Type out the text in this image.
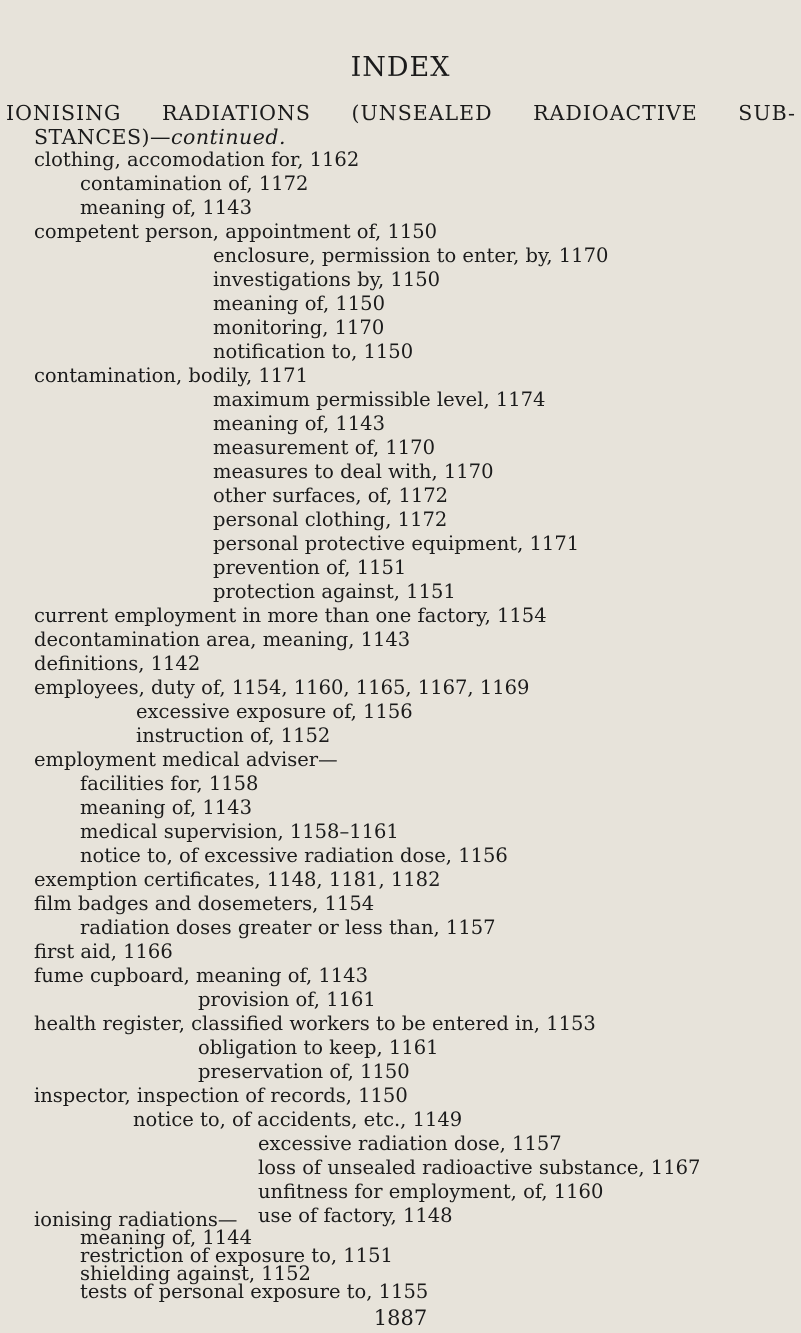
INDEX
IONISING RADIATIONS (UNSEALED RADIOACTIVE SUB-
STANCES)—continued.
clothing, accomodation for, 1162
contamination of, 1172
meaning of, 1143
competent person, appointment of, 1150
enclosure, permission to enter, by, 1170
investigations by, 1150
meaning of, 1150
monitoring, 1170
notification to, 1150
contamination, bodily, 1171
maximum permissible level, 1174
meaning of, 1143
measurement of, 1170
measures to deal with, 1170
other surfaces, of, 1172
personal clothing, 1172
personal protective equipment, 1171
prevention of, 1151
protection against, 1151
current employment in more than one factory, 1154
decontamination area, meaning, 1143
definitions, 1142
employees, duty of, 1154, 1160, 1165, 1167, 1169
excessive exposure of, 1156
instruction of, 1152
employment medical adviser—
facilities for, 1158
meaning of, 1143
medical supervision, 1158–1161
notice to, of excessive radiation dose, 1156
exemption certificates, 1148, 1181, 1182
film badges and dosemeters, 1154
radiation doses greater or less than, 1157
first aid, 1166
fume cupboard, meaning of, 1143
provision of, 1161
health register, classified workers to be entered in, 1153
obligation to keep, 1161
preservation of, 1150
inspector, inspection of records, 1150
notice to, of accidents, etc., 1149
excessive radiation dose, 1157
loss of unsealed radioactive substance, 1167
unfitness for employment, of, 1160
use of factory, 1148
ionising radiations—
meaning of, 1144
restriction of exposure to, 1151
1887
shielding against, 1152
tests of personal exposure to, 1155
